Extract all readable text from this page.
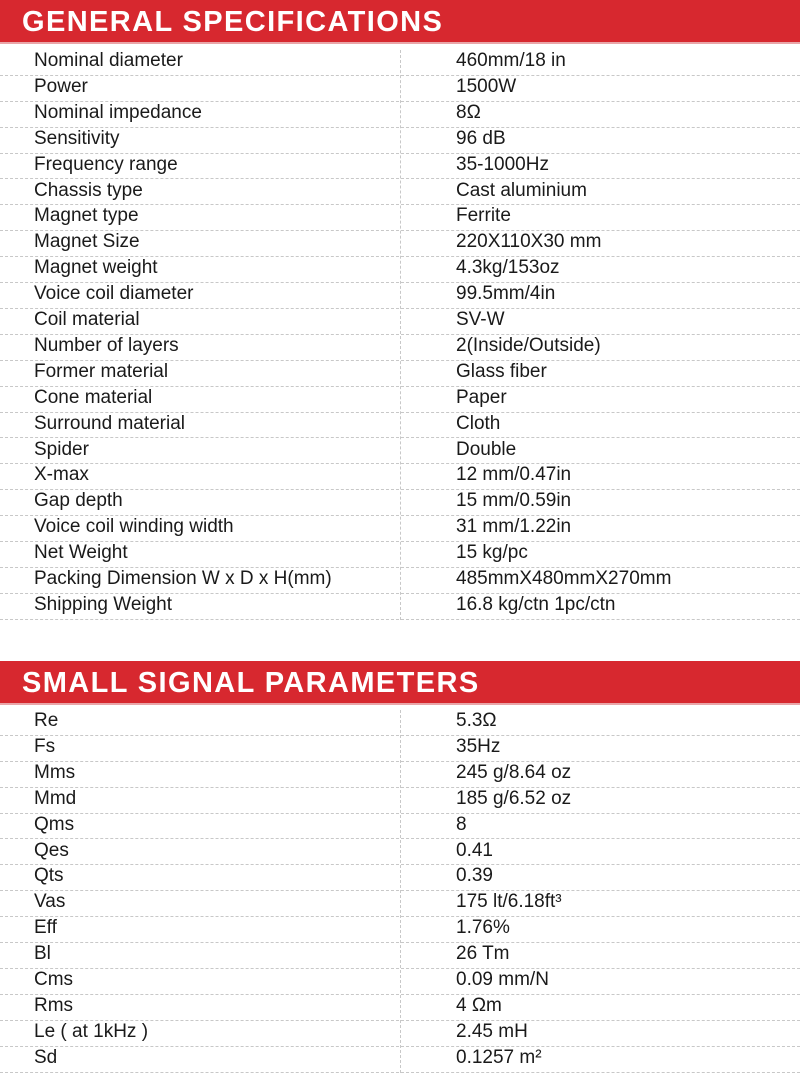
GENERAL SPECIFICATIONS
Nominal diameter	460mm/18 in
Power	1500W
Nominal impedance	8Ω
Sensitivity	96 dB
Frequency range	35-1000Hz
Chassis type	Cast aluminium
Magnet type	Ferrite
Magnet Size	220X110X30 mm
Magnet weight	4.3kg/153oz
Voice coil diameter	99.5mm/4in
Coil material	SV-W
Number of layers	2(Inside/Outside)
Former material	Glass fiber
Cone material	Paper
Surround material	Cloth
Spider	Double
X-max	12 mm/0.47in
Gap depth	15 mm/0.59in
Voice coil winding width	31 mm/1.22in
Net Weight	15 kg/pc
Packing Dimension W x D x H(mm)	485mmX480mmX270mm
Shipping Weight	16.8 kg/ctn 1pc/ctn
SMALL SIGNAL PARAMETERS
Re	5.3Ω
Fs	35Hz
Mms	245 g/8.64 oz
Mmd	185 g/6.52 oz
Qms	8
Qes	0.41
Qts	0.39
Vas	175 lt/6.18ft³
Eff	1.76%
Bl	26 Tm
Cms	0.09 mm/N
Rms	4 Ωm
Le ( at 1kHz )	2.45 mH
Sd	0.1257 m²
